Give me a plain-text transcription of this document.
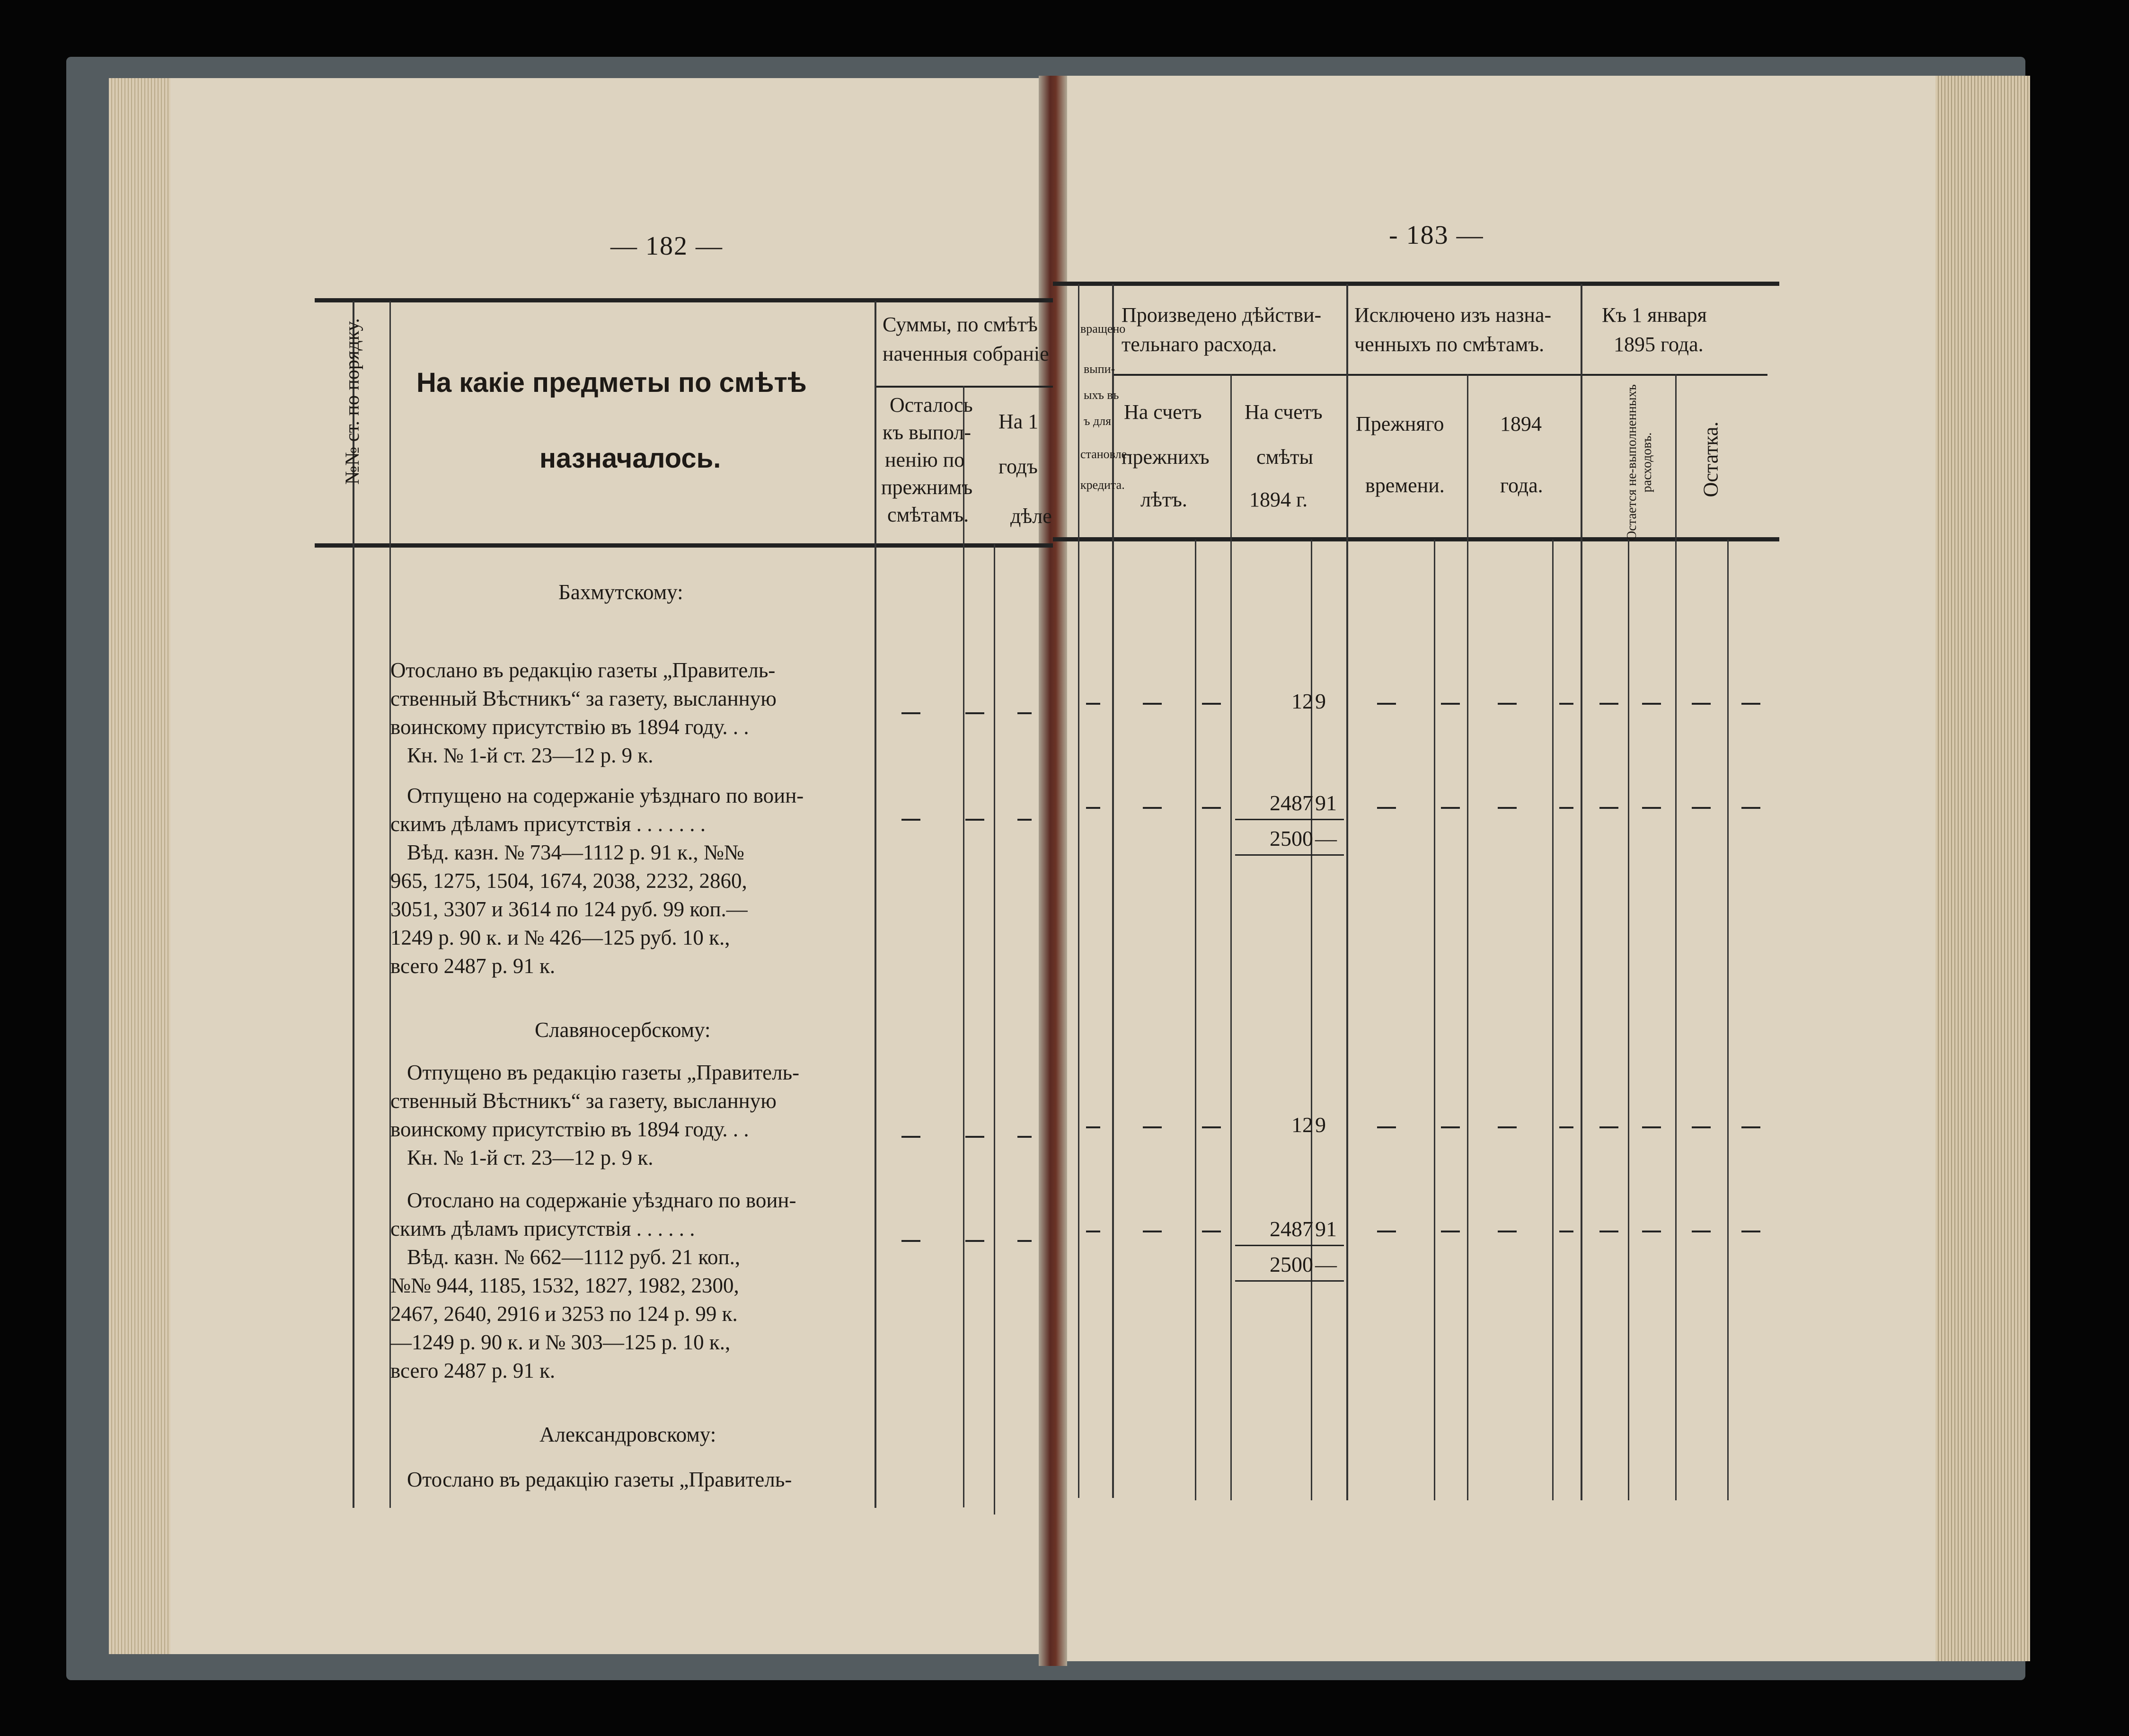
— 182 —
№№ ст. по порядку. На какіе предметы по смѣтѣ
назначалось.
Суммы, по смѣтѣ
наченныя собраніе
Осталось
къ выпол-
ненію по
прежнимъ
смѣтамъ.
На 1
годъ
дѣле
Бахмутскому:
Отослано въ редакцію газеты „Правитель-
ственный Вѣстникъ“ за газету, высланную
воинскому присутствію въ 1894 году. . .
Кн. № 1-й ст. 23—12 р. 9 к.
Отпущено на содержаніе уѣзднаго по воин-
скимъ дѣламъ присутствія . . . . . . .
Вѣд. казн. № 734—1112 р. 91 к., №№
965, 1275, 1504, 1674, 2038, 2232, 2860,
3051, 3307 и 3614 по 124 руб. 99 коп.—
1249 р. 90 к. и № 426—125 руб. 10 к.,
всего 2487 р. 91 к.
Славяносербскому:
Отпущено въ редакцію газеты „Правитель-
ственный Вѣстникъ“ за газету, высланную
воинскому присутствію въ 1894 году. . .
Кн. № 1-й ст. 23—12 р. 9 к.
Отослано на содержаніе уѣзднаго по воин-
скимъ дѣламъ присутствія . . . . . .
Вѣд. казн. № 662—1112 руб. 21 коп.,
№№ 944, 1185, 1532, 1827, 1982, 2300,
2467, 2640, 2916 и 3253 по 124 р. 99 к.
—1249 р. 90 к. и № 303—125 р. 10 к.,
всего 2487 р. 91 к.
Александровскому:
Отослано въ редакцію газеты „Правитель-
- 183 —
вращено
выпи-
ыхъ въ
ъ для
становле-
кредита.
Произведено дѣйстви-
тельнаго расхода.
Исключено изъ назна-
ченныхъ по смѣтамъ.
Къ 1 января
1895 года.
На счетъ
прежнихъ
лѣтъ.
На счетъ
смѣты
1894 г.
Прежняго
времени.
1894
года.	Остается не-выполненныхъ расходовъ. Остатка.
12 9
2487 91
2500 —
12 9
2487 91
2500 —
